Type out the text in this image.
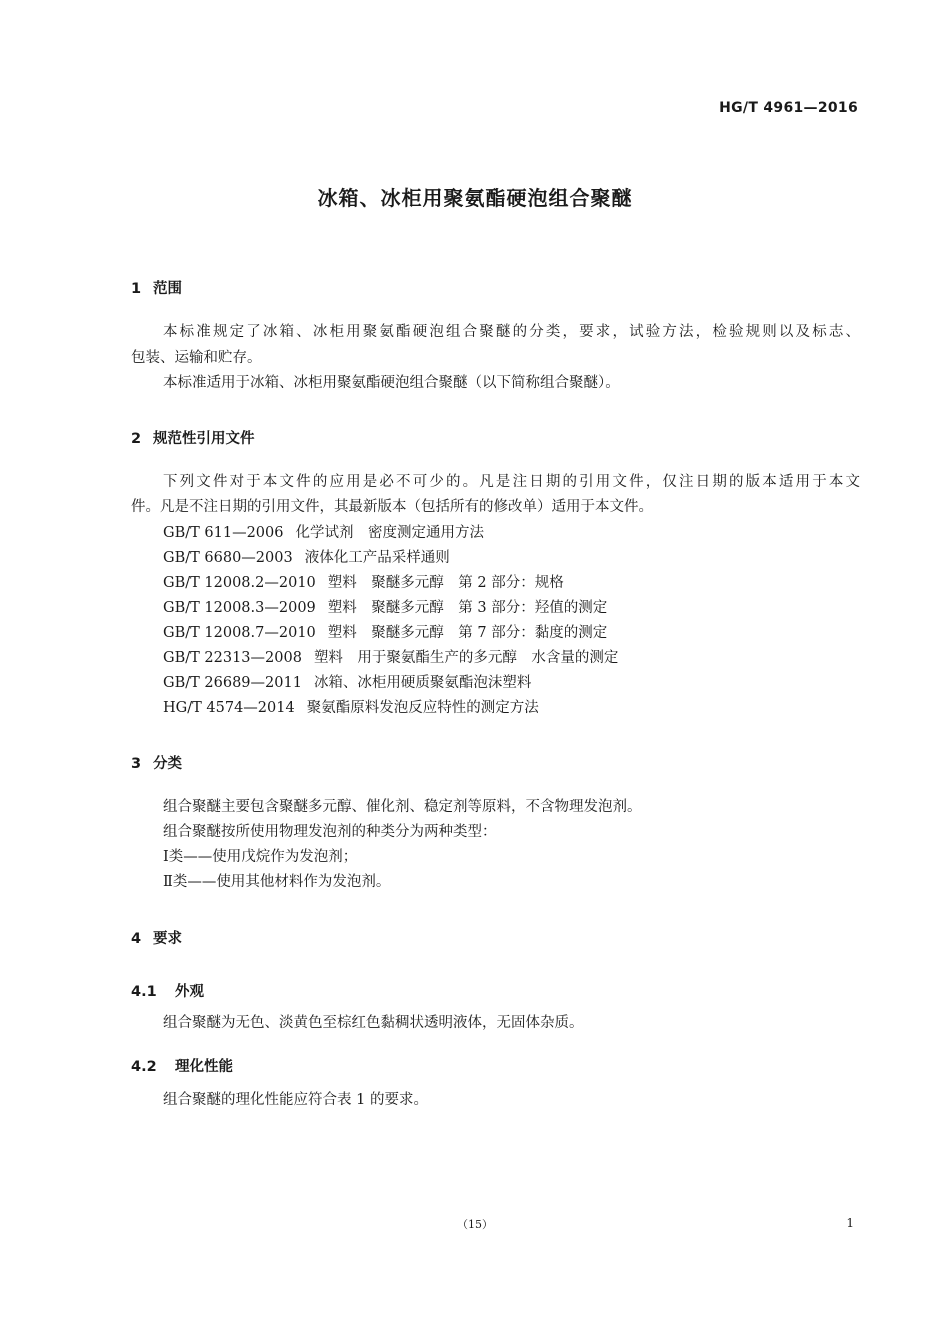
HG/T 4961—2016
冰箱、冰柜用聚氨酯硬泡组合聚醚
1 范围
本标准规定了冰箱、冰柜用聚氨酯硬泡组合聚醚的分类，要求，试验方法，检验规则以及标志、
包装、运输和贮存。
本标准适用于冰箱、冰柜用聚氨酯硬泡组合聚醚（以下简称组合聚醚）。
2 规范性引用文件
下列文件对于本文件的应用是必不可少的。凡是注日期的引用文件，仅注日期的版本适用于本文
件。凡是不注日期的引用文件，其最新版本（包括所有的修改单）适用于本文件。
GB/T 611—2006 化学试剂　密度测定通用方法
GB/T 6680—2003 液体化工产品采样通则
GB/T 12008.2—2010 塑料　聚醚多元醇　第 2 部分：规格
GB/T 12008.3—2009 塑料　聚醚多元醇　第 3 部分：羟值的测定
GB/T 12008.7—2010 塑料　聚醚多元醇　第 7 部分：黏度的测定
GB/T 22313—2008 塑料　用于聚氨酯生产的多元醇　水含量的测定
GB/T 26689—2011 冰箱、冰柜用硬质聚氨酯泡沫塑料
HG/T 4574—2014 聚氨酯原料发泡反应特性的测定方法
3 分类
组合聚醚主要包含聚醚多元醇、催化剂、稳定剂等原料，不含物理发泡剂。
组合聚醚按所使用物理发泡剂的种类分为两种类型：
Ⅰ类——使用戊烷作为发泡剂；
Ⅱ类——使用其他材料作为发泡剂。
4 要求
4.1 外观
组合聚醚为无色、淡黄色至棕红色黏稠状透明液体，无固体杂质。
4.2 理化性能
组合聚醚的理化性能应符合表 1 的要求。
（15）	1
